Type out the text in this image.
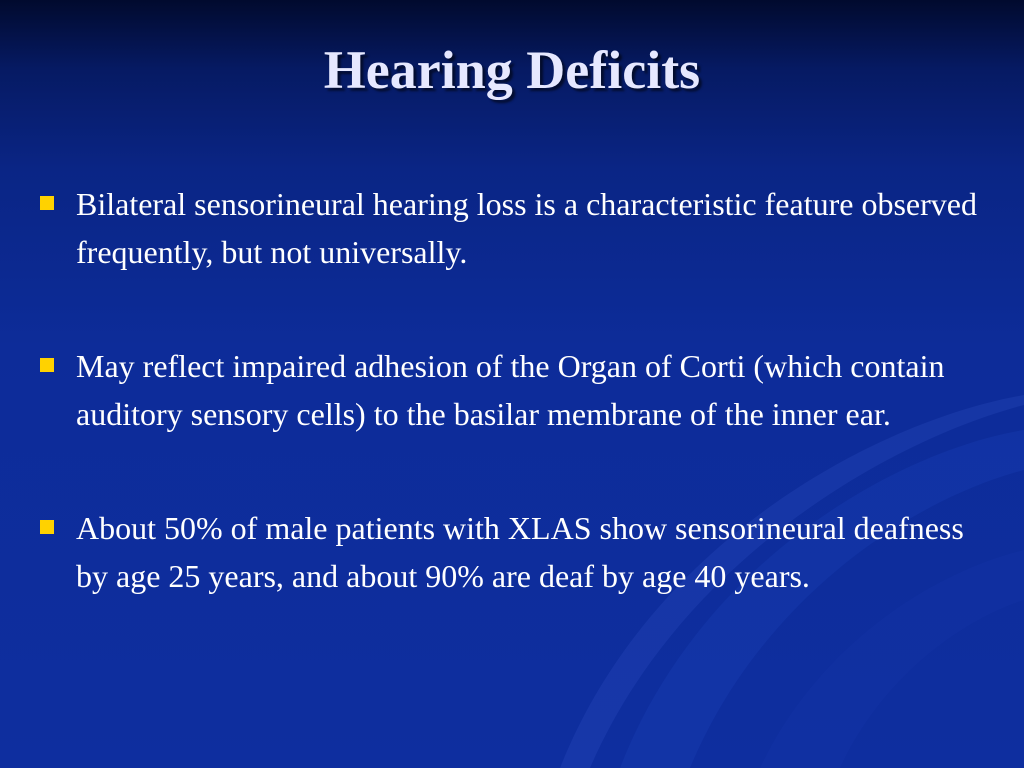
Hearing Deficits
Bilateral sensorineural hearing loss is a characteristic feature observed frequently, but not universally.
May reflect impaired adhesion of the Organ of Corti (which contain auditory sensory cells) to the basilar membrane of the inner ear.
About 50% of male patients with XLAS show sensorineural deafness by age 25 years, and about 90% are deaf by age 40 years.
